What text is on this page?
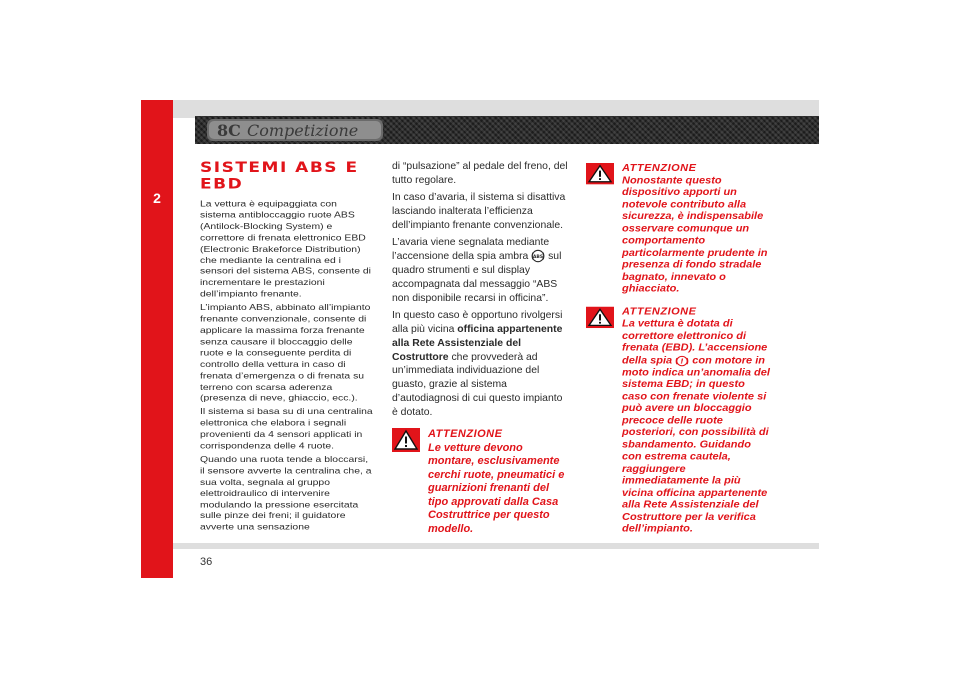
2
8C Competizione
SISTEMI ABS E EBD

La vettura è equipaggiata con sistema antibloccaggio ruote ABS (Antilock-Blocking System) e correttore di frenata elettronico EBD (Electronic Brakeforce Distribution) che mediante la centralina ed i sensori del sistema ABS, consente di incrementare le prestazioni dell’impianto frenante.

L’impianto ABS, abbinato all’impianto frenante convenzionale, consente di applicare la massima forza frenante senza causare il bloccaggio delle ruote e la conseguente perdita di controllo della vettura in caso di frenata d’emergenza o di frenata su terreno con scarsa aderenza (presenza di neve, ghiaccio, ecc.).

Il sistema si basa su di una centralina elettronica che elabora i segnali provenienti da 4 sensori applicati in corrispondenza delle 4 ruote.

Quando una ruota tende a bloccarsi, il sensore avverte la centralina che, a sua volta, segnala al gruppo elettroidraulico di intervenire modulando la pressione esercitata sulle pinze dei freni; il guidatore avverte una sensazione

di “pulsazione” al pedale del freno, del tutto regolare.

In caso d’avaria, il sistema si disattiva lasciando inalterata l’efficienza dell’impianto frenante convenzionale.

L’avaria viene segnalata mediante l’accensione della spia ambra ABS sul quadro strumenti e sul display accompagnata dal messaggio “ABS non disponibile recarsi in officina”.

In questo caso è opportuno rivolgersi alla più vicina officina appartenente alla Rete Assistenziale del Costruttore che provvederà ad un’immediata individuazione del guasto, grazie al sistema d’autodiagnosi di cui questo impianto è dotato.

ATTENZIONE
Le vetture devono montare, esclusivamente cerchi ruote, pneumatici e guarnizioni frenanti del tipo approvati dalla Casa Costruttrice per questo modello.
ATTENZIONE
Nonostante questo dispositivo apporti un notevole contributo alla sicurezza, è indispensabile osservare comunque un comportamento particolarmente prudente in presenza di fondo stradale bagnato, innevato o ghiacciato.
ATTENZIONE
La vettura è dotata di correttore elettronico di frenata (EBD). L’accensione della spia ! con motore in moto indica un’anomalia del sistema EBD; in questo caso con frenate violente si può avere un bloccaggio precoce delle ruote posteriori, con possibilità di sbandamento. Guidando con estrema cautela, raggiungere immediatamente la più vicina officina appartenente alla Rete Assistenziale del Costruttore per la verifica dell’impianto.
36
